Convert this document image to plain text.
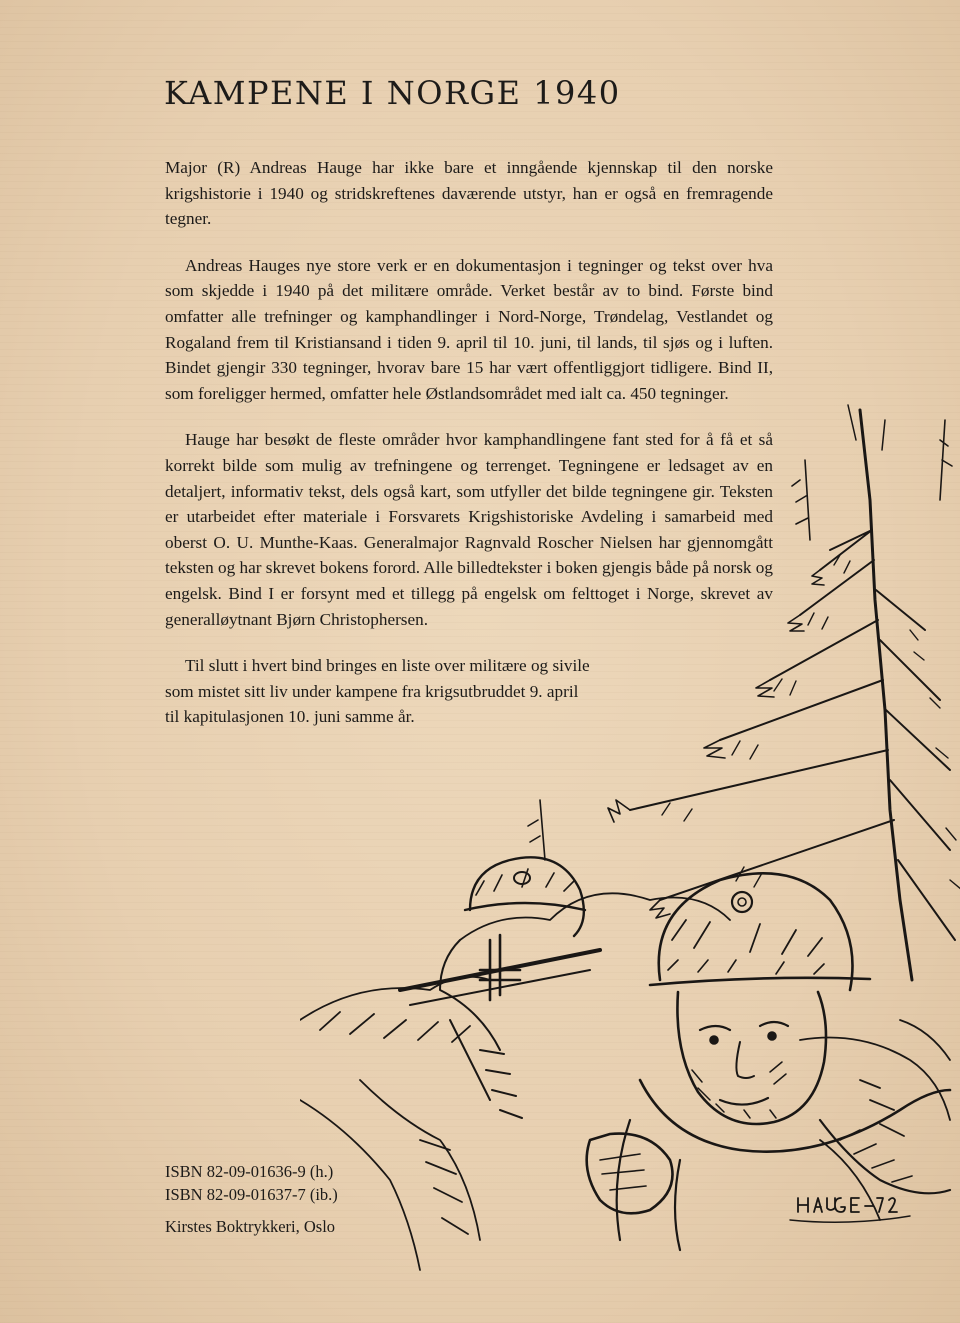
KAMPENE I NORGE 1940

Major (R) Andreas Hauge har ikke bare et inngående kjennskap til den norske krigshistorie i 1940 og stridskreftenes daværende utstyr, han er også en fremragende tegner.

Andreas Hauges nye store verk er en dokumentasjon i tegninger og tekst over hva som skjedde i 1940 på det militære område. Verket består av to bind. Første bind omfatter alle trefninger og kamphandlinger i Nord-Norge, Trøndelag, Vestlandet og Rogaland frem til Kristiansand i tiden 9. april til 10. juni, til lands, til sjøs og i luften. Bindet gjengir 330 tegninger, hvorav bare 15 har vært offentliggjort tidligere. Bind II, som foreligger hermed, omfatter hele Østlandsområdet med ialt ca. 450 tegninger.

Hauge har besøkt de fleste områder hvor kamphandlingene fant sted for å få et så korrekt bilde som mulig av trefningene og terrenget. Tegningene er ledsaget av en detaljert, informativ tekst, dels også kart, som utfyller det bilde tegningene gir. Teksten er utarbeidet efter materiale i Forsvarets Krigshistoriske Avdeling i samarbeid med oberst O. U. Munthe-Kaas. Generalmajor Ragnvald Roscher Nielsen har gjennomgått teksten og har skrevet bokens forord. Alle billedtekster i boken gjengis både på norsk og engelsk. Bind I er forsynt med et tillegg på engelsk om felttoget i Norge, skrevet av generalløytnant Bjørn Christophersen.

Til slutt i hvert bind bringes en liste over militære og sivile som mistet sitt liv under kampene fra krigsutbruddet 9. april til kapitulasjonen 10. juni samme år.

ISBN 82-09-01636-9 (h.)
ISBN 82-09-01637-7 (ib.)
Kirstes Boktrykkeri, Oslo
